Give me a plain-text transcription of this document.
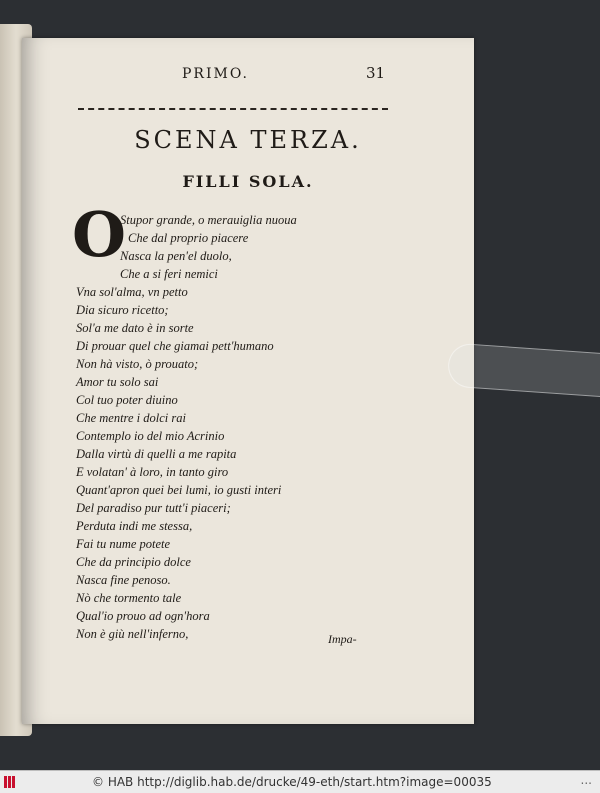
PRIMO.	31
SCENA TERZA.
FILLI SOLA.
O
Stupor grande, o merauiglia nuoua
Che dal proprio piacere
Nasca la pen'el duolo,
Che a si feri nemici
Vna sol'alma, vn petto
Dia sicuro ricetto;
Sol'a me dato è in sorte
Di prouar quel che giamai pett'humano
Non hà visto, ò prouato;
Amor tu solo sai
Col tuo poter diuino
Che mentre i dolci rai
Contemplo io del mio Acrinio
Dalla virtù di quelli a me rapita
E volatan' à loro, in tanto giro
Quant'apron quei bei lumi, io gusti interi
Del paradiso pur tutt'i piaceri;
Perduta indi me stessa,
Fai tu nume potete
Che da principio dolce
Nasca fine penoso.
Nò che tormento tale
Qual'io prouo ad ogn'hora
Non è giù nell'inferno,	Impa-
© HAB http://diglib.hab.de/drucke/49-eth/start.htm?image=00035	...
